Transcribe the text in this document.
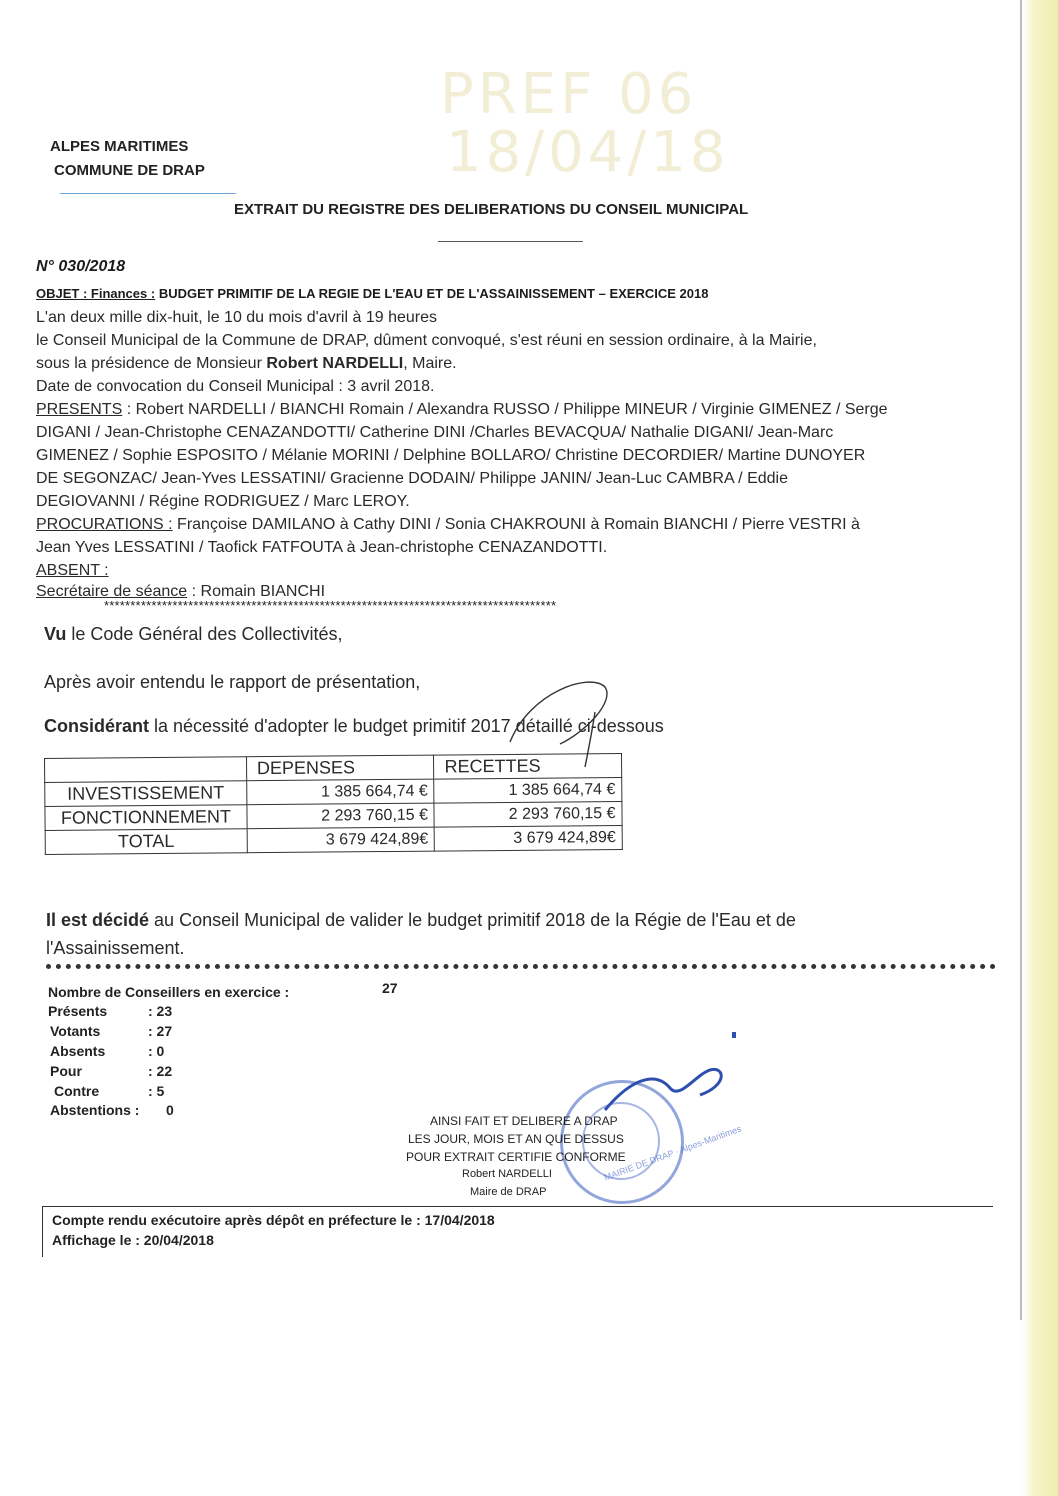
PREF 06
18/04/18
ALPES MARITIMES
COMMUNE DE DRAP
EXTRAIT DU REGISTRE DES DELIBERATIONS DU CONSEIL MUNICIPAL
N° 030/2018
OBJET : Finances : BUDGET PRIMITIF DE LA REGIE DE L'EAU ET DE L'ASSAINISSEMENT – EXERCICE 2018
L'an deux mille dix-huit, le 10 du mois d'avril à 19 heures
le Conseil Municipal de la Commune de DRAP, dûment convoqué, s'est réuni en session ordinaire, à la Mairie,
sous la présidence de Monsieur Robert NARDELLI, Maire.
Date de convocation du Conseil Municipal : 3 avril 2018.
PRESENTS : Robert NARDELLI / BIANCHI Romain / Alexandra RUSSO / Philippe MINEUR / Virginie GIMENEZ / Serge
DIGANI / Jean-Christophe CENAZANDOTTI/ Catherine DINI /Charles BEVACQUA/ Nathalie DIGANI/ Jean-Marc
GIMENEZ / Sophie ESPOSITO / Mélanie MORINI / Delphine BOLLARO/ Christine DECORDIER/ Martine DUNOYER
DE SEGONZAC/ Jean-Yves LESSATINI/ Gracienne DODAIN/ Philippe JANIN/ Jean-Luc CAMBRA / Eddie
DEGIOVANNI / Régine RODRIGUEZ / Marc LEROY.
PROCURATIONS : Françoise DAMILANO à Cathy DINI / Sonia CHAKROUNI à Romain BIANCHI / Pierre VESTRI à
Jean Yves LESSATINI / Taofick FATFOUTA à Jean-christophe CENAZANDOTTI.
ABSENT :
Secrétaire de séance : Romain BIANCHI
**************************************************************************************
Vu le Code Général des Collectivités,
Après avoir entendu le rapport de présentation,
Considérant la nécessité d'adopter le budget primitif 2017 détaillé ci-dessous
	DEPENSES	RECETTES
INVESTISSEMENT	1 385 664,74 €	1 385 664,74 €
FONCTIONNEMENT	2 293 760,15 €	2 293 760,15 €
TOTAL	3 679 424,89€	3 679 424,89€
Il est décidé au Conseil Municipal de valider le budget primitif 2018 de la Régie de l'Eau et de
l'Assainissement.
Nombre de Conseillers en exercice :	27
Présents	: 23
Votants	: 27
Absents	: 0
Pour	: 22
Contre	: 5
Abstentions : 0
AINSI FAIT ET DELIBERE A DRAP
LES JOUR, MOIS ET AN QUE DESSUS
POUR EXTRAIT CERTIFIE CONFORME
Robert NARDELLI
Maire de DRAP
MAIRIE DE DRAP · Alpes-Maritimes
Compte rendu exécutoire après dépôt en préfecture le : 17/04/2018
Affichage le : 20/04/2018
